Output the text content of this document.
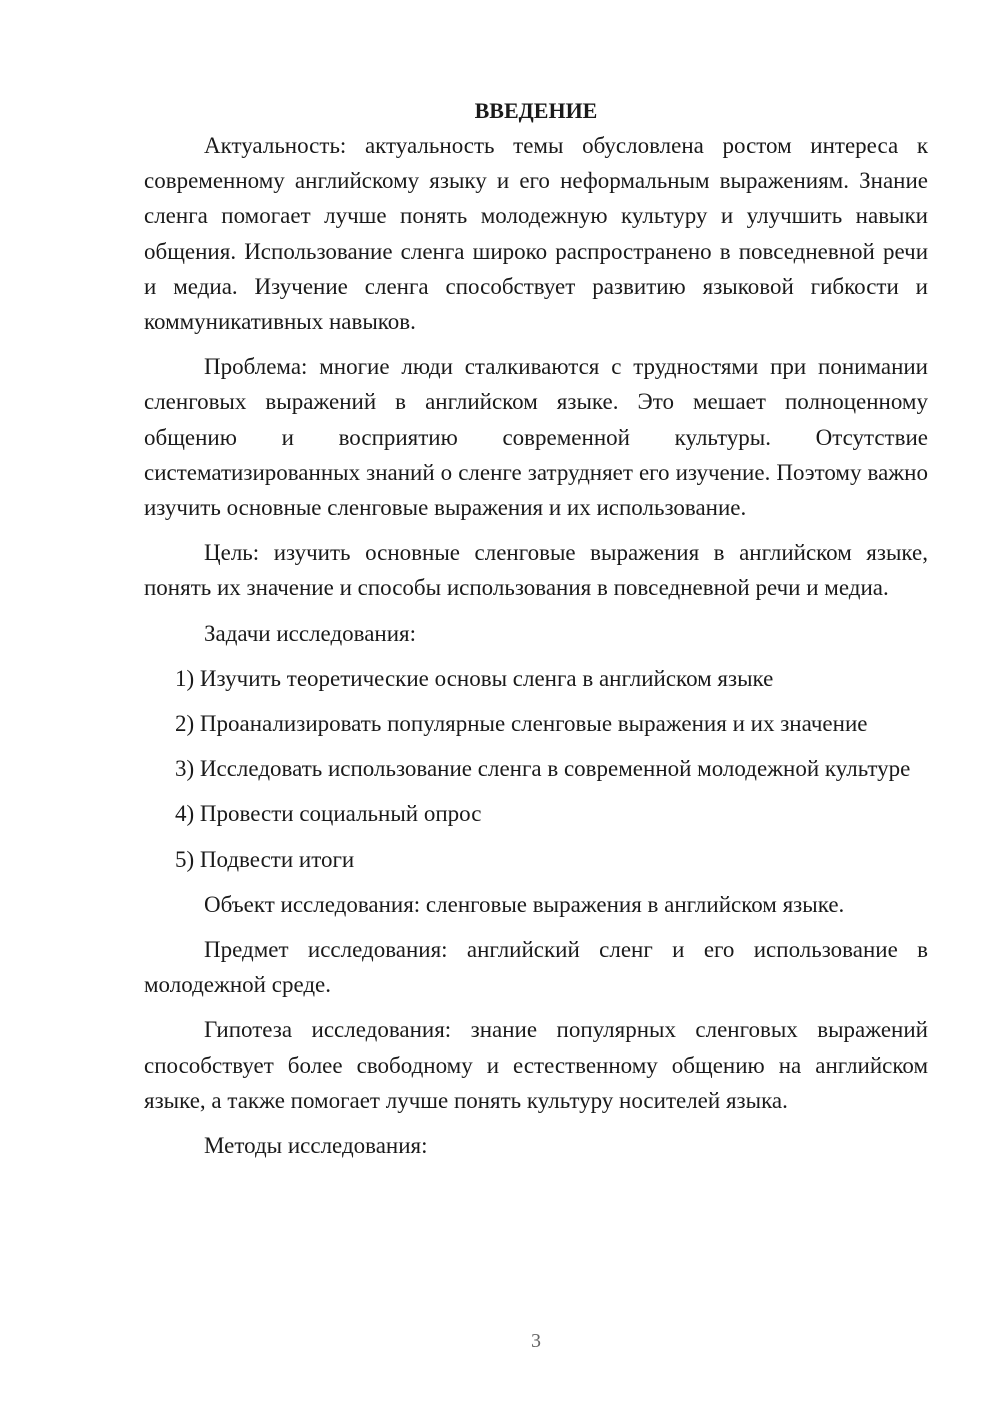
ВВЕДЕНИЕ

Актуальность: актуальность темы обусловлена ростом интереса к современному английскому языку и его неформальным выражениям. Знание сленга помогает лучше понять молодежную культуру и улучшить навыки общения. Использование сленга широко распространено в повседневной речи и медиа. Изучение сленга способствует развитию языковой гибкости и коммуникативных навыков.

Проблема: многие люди сталкиваются с трудностями при понимании сленговых выражений в английском языке. Это мешает полноценному общению и восприятию современной культуры. Отсутствие систематизированных знаний о сленге затрудняет его изучение. Поэтому важно изучить основные сленговые выражения и их использование.

Цель: изучить основные сленговые выражения в английском языке, понять их значение и способы использования в повседневной речи и медиа.

Задачи исследования:

1) Изучить теоретические основы сленга в английском языке

2) Проанализировать популярные сленговые выражения и их значение

3) Исследовать использование сленга в современной молодежной культуре

4) Провести социальный опрос

5) Подвести итоги

Объект исследования: сленговые выражения в английском языке.

Предмет исследования: английский сленг и его использование в молодежной среде.

Гипотеза исследования: знание популярных сленговых выражений способствует более свободному и естественному общению на английском языке, а также помогает лучше понять культуру носителей языка.

Методы исследования:

3
